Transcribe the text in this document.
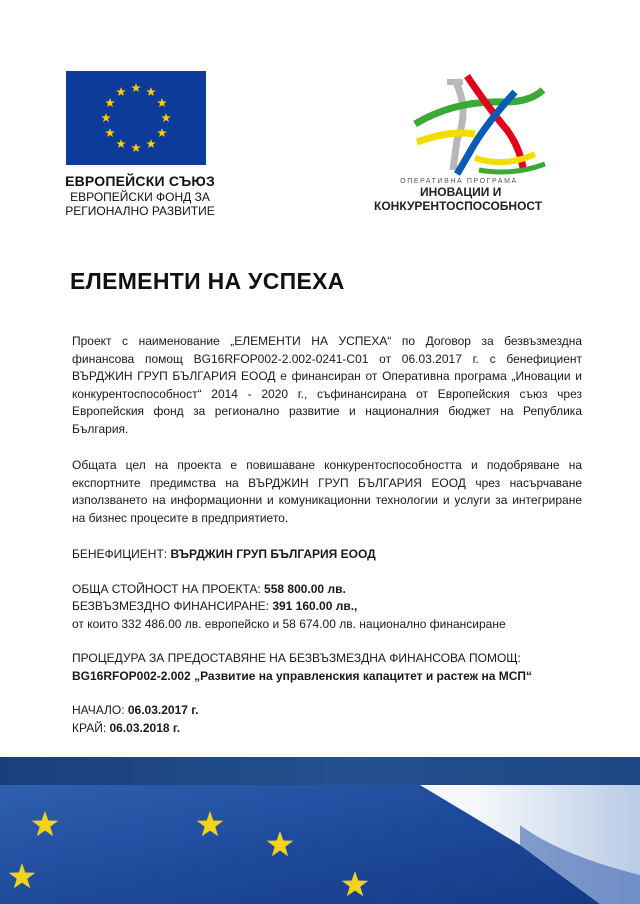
ЕВРОПЕЙСКИ СЪЮЗ
ЕВРОПЕЙСКИ ФОНД ЗА
РЕГИОНАЛНО РАЗВИТИЕ
ОПЕРАТИВНА ПРОГРАМА
ИНОВАЦИИ И
КОНКУРЕНТОСПОСОБНОСТ
ЕЛЕМЕНТИ НА УСПЕХА

Проект с наименование „ЕЛЕМЕНТИ НА УСПЕХА“ по Договор за безвъзмездна финансова помощ BG16RFOP002-2.002-0241-C01 от 06.03.2017 г. с бенефициент ВЪРДЖИН ГРУП БЪЛГАРИЯ ЕООД е финансиран от Оперативна програма „Иновации и конкурентоспособност“ 2014 - 2020 г., съфинансирана от Европейския съюз чрез Европейския фонд за регионално развитие и националния бюджет на Република България.

Общата цел на проекта е повишаване конкурентоспособността и подобряване на експортните предимства на ВЪРДЖИН ГРУП БЪЛГАРИЯ ЕООД чрез насърчаване използването на информационни и комуникационни технологии и услуги за интегриране на бизнес процесите в предприятието.

БЕНЕФИЦИЕНТ: ВЪРДЖИН ГРУП БЪЛГАРИЯ ЕООД

ОБЩА СТОЙНОСТ НА ПРОЕКТА: 558 800.00 лв.

БЕЗВЪЗМЕЗДНО ФИНАНСИРАНЕ: 391 160.00 лв.,

от които 332 486.00 лв. европейско и 58 674.00 лв. национално финансиране

ПРОЦЕДУРА ЗА ПРЕДОСТАВЯНЕ НА БЕЗВЪЗМЕЗДНА ФИНАНСОВА ПОМОЩ:

BG16RFOP002-2.002 „Развитие на управленския капацитет и растеж на МСП“

НАЧАЛО: 06.03.2017 г.

КРАЙ: 06.03.2018 г.
